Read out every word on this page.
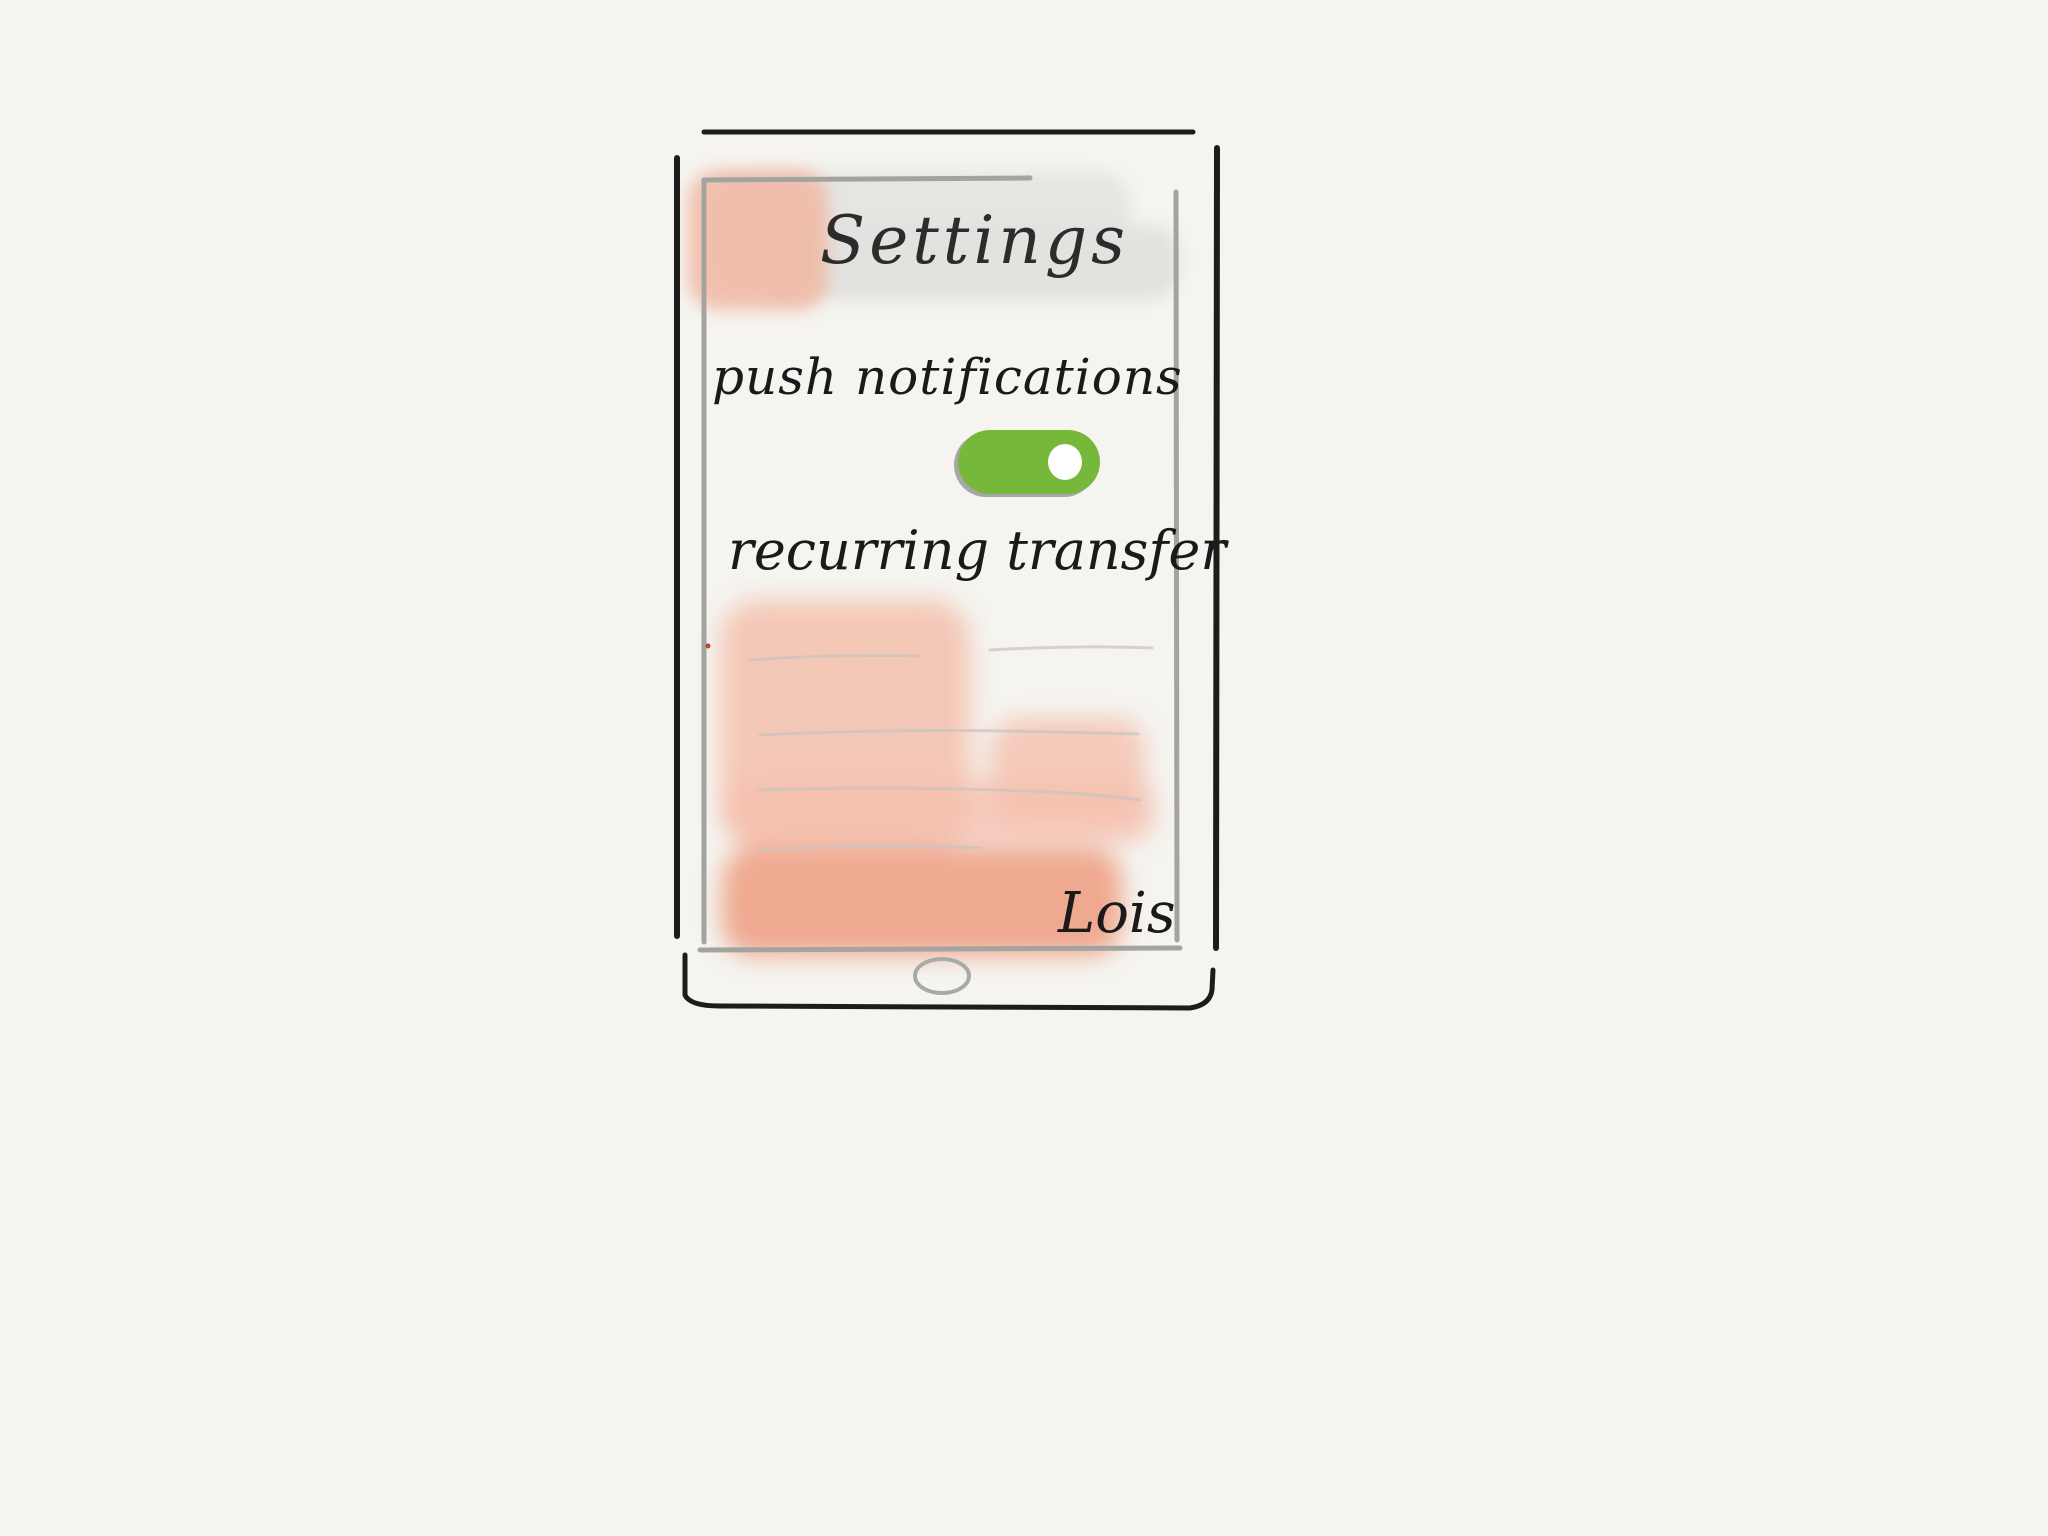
Settings
push notifications
recurring transfer
Lois
